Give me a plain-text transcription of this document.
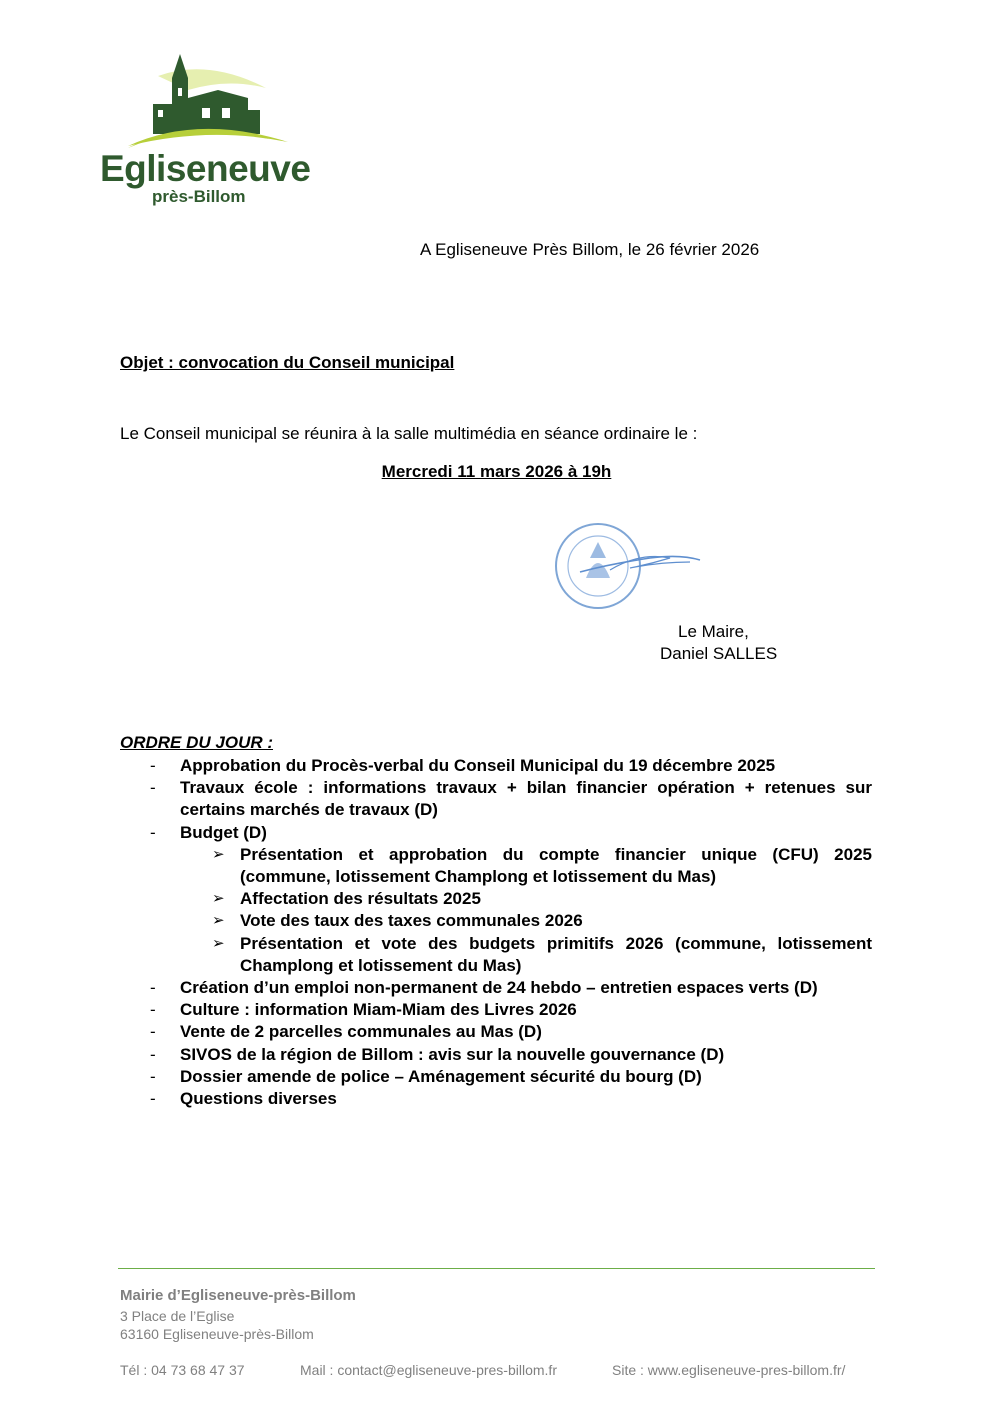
Egliseneuve
près-Billom
A Egliseneuve Près Billom, le 26 février 2026
Objet : convocation du Conseil municipal
Le Conseil municipal se réunira à la salle multimédia en séance ordinaire le :
Mercredi 11 mars 2026 à 19h
Le Maire,
Daniel SALLES
ORDRE DU JOUR :
- Approbation du Procès-verbal du Conseil Municipal du 19 décembre 2025
- Travaux école : informations travaux + bilan financier opération + retenues sur certains marchés de travaux (D)
- Budget (D)
➢ Présentation et approbation du compte financier unique (CFU) 2025 (commune, lotissement Champlong et lotissement du Mas)
➢ Affectation des résultats 2025
➢ Vote des taux des taxes communales 2026
➢ Présentation et vote des budgets primitifs 2026 (commune, lotissement Champlong et lotissement du Mas)
- Création d’un emploi non-permanent de 24 hebdo – entretien espaces verts (D)
- Culture : information Miam-Miam des Livres 2026
- Vente de 2 parcelles communales au Mas (D)
- SIVOS de la région de Billom : avis sur la nouvelle gouvernance (D)
- Dossier amende de police – Aménagement sécurité du bourg (D)
- Questions diverses
Mairie d’Egliseneuve-près-Billom
3 Place de l’Eglise
63160 Egliseneuve-près-Billom
Tél : 04 73 68 47 37	Mail : contact@egliseneuve-pres-billom.fr	Site : www.egliseneuve-pres-billom.fr/
